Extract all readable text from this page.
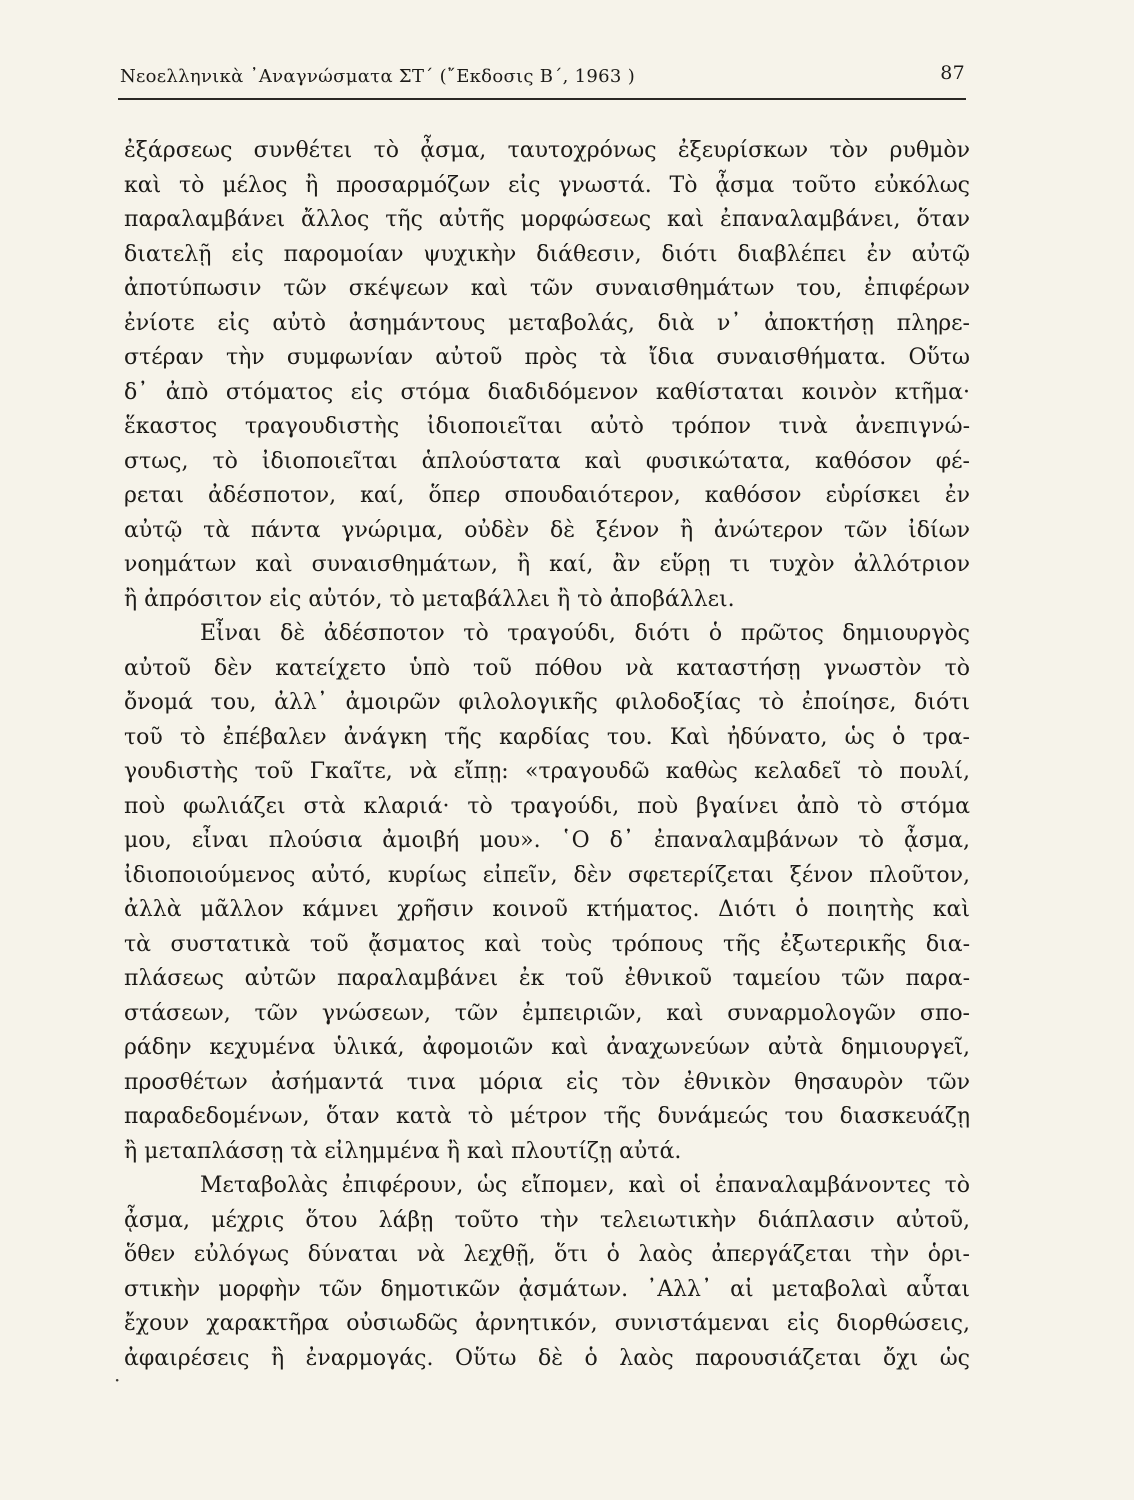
Νεοελληνικὰ ᾿Αναγνώσματα ΣΤ΄ (῎Εκδοσις Β΄, 1963 )	87
ἐξάρσεως συνθέτει τὸ ᾆσμα, ταυτοχρόνως ἐξευρίσκων τὸν ρυθμὸν
καὶ τὸ μέλος ἢ προσαρμόζων εἰς γνωστά. Τὸ ᾆσμα τοῦτο εὐκόλως
παραλαμβάνει ἄλλος τῆς αὐτῆς μορφώσεως καὶ ἐπαναλαμβάνει, ὅταν
διατελῇ εἰς παρομοίαν ψυχικὴν διάθεσιν, διότι διαβλέπει ἐν αὐτῷ
ἀποτύπωσιν τῶν σκέψεων καὶ τῶν συναισθημάτων του, ἐπιφέρων
ἐνίοτε εἰς αὐτὸ ἀσημάντους μεταβολάς, διὰ ν᾽ ἀποκτήσῃ πληρε-
στέραν τὴν συμφωνίαν αὐτοῦ πρὸς τὰ ἴδια συναισθήματα. Οὕτω
δ᾽ ἀπὸ στόματος εἰς στόμα διαδιδόμενον καθίσταται κοινὸν κτῆμα·
ἕκαστος τραγουδιστὴς ἰδιοποιεῖται αὐτὸ τρόπον τινὰ ἀνεπιγνώ-
στως, τὸ ἰδιοποιεῖται ἁπλούστατα καὶ φυσικώτατα, καθόσον φέ-
ρεται ἀδέσποτον, καί, ὅπερ σπουδαιότερον, καθόσον εὑρίσκει ἐν
αὐτῷ τὰ πάντα γνώριμα, οὐδὲν δὲ ξένον ἢ ἀνώτερον τῶν ἰδίων
νοημάτων καὶ συναισθημάτων, ἢ καί, ἂν εὕρῃ τι τυχὸν ἀλλότριον
ἢ ἀπρόσιτον εἰς αὐτόν, τὸ μεταβάλλει ἢ τὸ ἀποβάλλει.
Εἶναι δὲ ἀδέσποτον τὸ τραγούδι, διότι ὁ πρῶτος δημιουργὸς
αὐτοῦ δὲν κατείχετο ὑπὸ τοῦ πόθου νὰ καταστήσῃ γνωστὸν τὸ
ὄνομά του, ἀλλ᾽ ἀμοιρῶν φιλολογικῆς φιλοδοξίας τὸ ἐποίησε, διότι
τοῦ τὸ ἐπέβαλεν ἀνάγκη τῆς καρδίας του. Καὶ ἠδύνατο, ὡς ὁ τρα-
γουδιστὴς τοῦ Γκαῖτε, νὰ εἴπῃ: «τραγουδῶ καθὼς κελαδεῖ τὸ πουλί,
ποὺ φωλιάζει στὰ κλαριά· τὸ τραγούδι, ποὺ βγαίνει ἀπὸ τὸ στόμα
μου, εἶναι πλούσια ἀμοιβή μου». ῾Ο δ᾽ ἐπαναλαμβάνων τὸ ᾆσμα,
ἰδιοποιούμενος αὐτό, κυρίως εἰπεῖν, δὲν σφετερίζεται ξένον πλοῦτον,
ἀλλὰ μᾶλλον κάμνει χρῆσιν κοινοῦ κτήματος. Διότι ὁ ποιητὴς καὶ
τὰ συστατικὰ τοῦ ᾄσματος καὶ τοὺς τρόπους τῆς ἐξωτερικῆς δια-
πλάσεως αὐτῶν παραλαμβάνει ἐκ τοῦ ἐθνικοῦ ταμείου τῶν παρα-
στάσεων, τῶν γνώσεων, τῶν ἐμπειριῶν, καὶ συναρμολογῶν σπο-
ράδην κεχυμένα ὑλικά, ἀφομοιῶν καὶ ἀναχωνεύων αὐτὰ δημιουργεῖ,
προσθέτων ἀσήμαντά τινα μόρια εἰς τὸν ἐθνικὸν θησαυρὸν τῶν
παραδεδομένων, ὅταν κατὰ τὸ μέτρον τῆς δυνάμεώς του διασκευάζῃ
ἢ μεταπλάσσῃ τὰ εἰλημμένα ἢ καὶ πλουτίζῃ αὐτά.
Μεταβολὰς ἐπιφέρουν, ὡς εἴπομεν, καὶ οἱ ἐπαναλαμβάνοντες τὸ
ᾆσμα, μέχρις ὅτου λάβῃ τοῦτο τὴν τελειωτικὴν διάπλασιν αὐτοῦ,
ὅθεν εὐλόγως δύναται νὰ λεχθῇ, ὅτι ὁ λαὸς ἀπεργάζεται τὴν ὁρι-
στικὴν μορφὴν τῶν δημοτικῶν ᾀσμάτων. ᾿Αλλ᾽ αἱ μεταβολαὶ αὗται
ἔχουν χαρακτῆρα οὐσιωδῶς ἀρνητικόν, συνιστάμεναι εἰς διορθώσεις,
ἀφαιρέσεις ἢ ἐναρμογάς. Οὕτω δὲ ὁ λαὸς παρουσιάζεται ὄχι ὡς
·
